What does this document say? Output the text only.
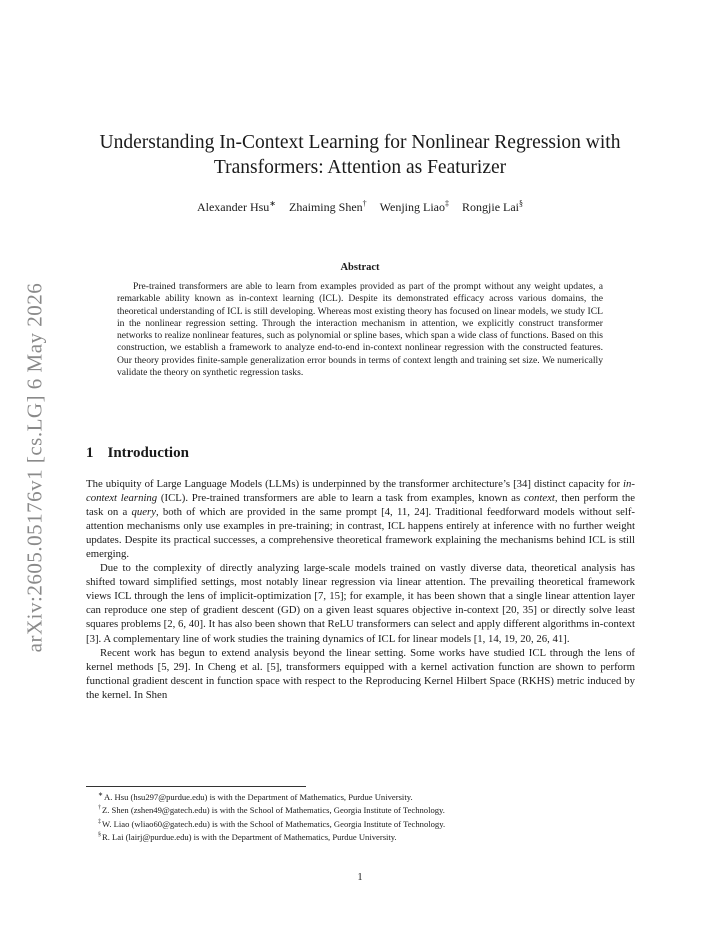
arXiv:2605.05176v1 [cs.LG] 6 May 2026
Understanding In-Context Learning for Nonlinear Regression with Transformers: Attention as Featurizer
Alexander Hsu∗ Zhaiming Shen† Wenjing Liao‡ Rongjie Lai§
Abstract
Pre-trained transformers are able to learn from examples provided as part of the prompt without any weight updates, a remarkable ability known as in-context learning (ICL). Despite its demonstrated efficacy across various domains, the theoretical understanding of ICL is still developing. Whereas most existing theory has focused on linear models, we study ICL in the nonlinear regression setting. Through the interaction mechanism in attention, we explicitly construct transformer networks to realize nonlinear features, such as polynomial or spline bases, which span a wide class of functions. Based on this construction, we establish a framework to analyze end-to-end in-context nonlinear regression with the constructed features. Our theory provides finite-sample generalization error bounds in terms of context length and training set size. We numerically validate the theory on synthetic regression tasks.
1 Introduction

The ubiquity of Large Language Models (LLMs) is underpinned by the transformer architecture’s [34] distinct capacity for in-context learning (ICL). Pre-trained transformers are able to learn a task from examples, known as context, then perform the task on a query, both of which are provided in the same prompt [4, 11, 24]. Traditional feedforward models without self-attention mechanisms only use examples in pre-training; in contrast, ICL happens entirely at inference with no further weight updates. Despite its practical successes, a comprehensive theoretical framework explaining the mechanisms behind ICL is still emerging.

Due to the complexity of directly analyzing large-scale models trained on vastly diverse data, theoretical analysis has shifted toward simplified settings, most notably linear regression via linear attention. The prevailing theoretical framework views ICL through the lens of implicit-optimization [7, 15]; for example, it has been shown that a single linear attention layer can reproduce one step of gradient descent (GD) on a given least squares objective in-context [20, 35] or directly solve least squares problems [2, 6, 40]. It has also been shown that ReLU transformers can select and apply different algorithms in-context [3]. A complementary line of work studies the training dynamics of ICL for linear models [1, 14, 19, 20, 26, 41].

Recent work has begun to extend analysis beyond the linear setting. Some works have studied ICL through the lens of kernel methods [5, 29]. In Cheng et al. [5], transformers equipped with a kernel activation function are shown to perform functional gradient descent in function space with respect to the Reproducing Kernel Hilbert Space (RKHS) metric induced by the kernel. In Shen

∗A. Hsu (hsu297@purdue.edu) is with the Department of Mathematics, Purdue University.
†Z. Shen (zshen49@gatech.edu) is with the School of Mathematics, Georgia Institute of Technology.
‡W. Liao (wliao60@gatech.edu) is with the School of Mathematics, Georgia Institute of Technology.
§R. Lai (lairj@purdue.edu) is with the Department of Mathematics, Purdue University.
1
